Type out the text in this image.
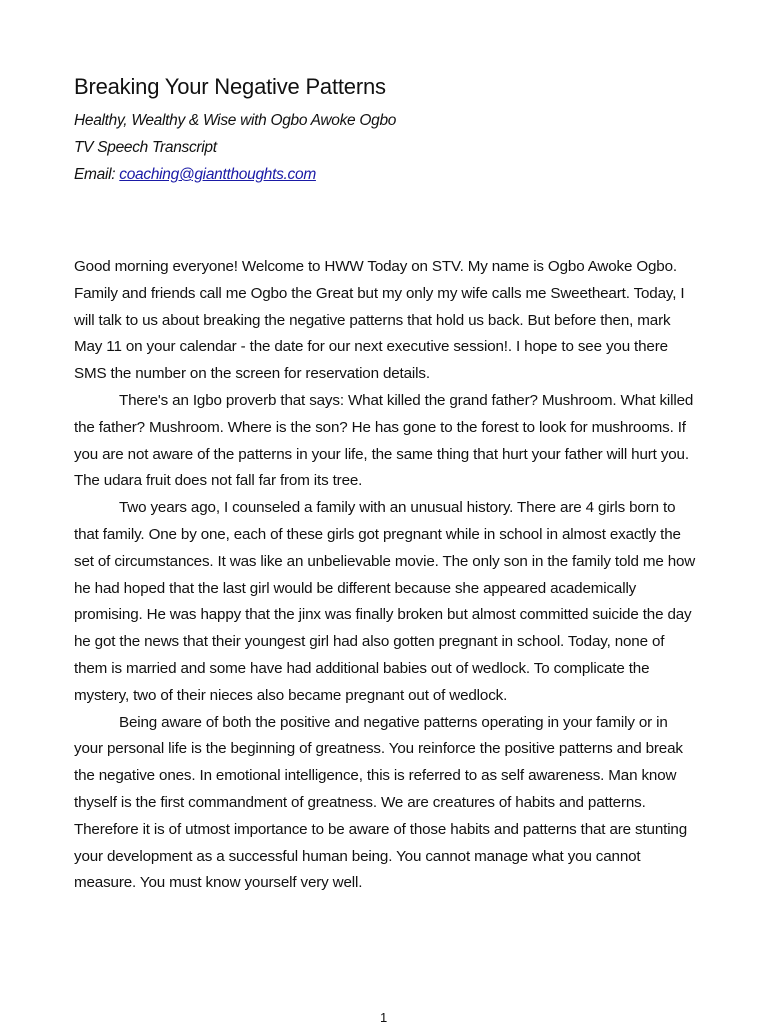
Breaking Your Negative Patterns
Healthy, Wealthy & Wise with Ogbo Awoke Ogbo
TV Speech Transcript
Email: coaching@giantthoughts.com

Good morning everyone! Welcome to HWW Today on STV. My name is Ogbo Awoke Ogbo. Family and friends call me Ogbo the Great but my only my wife calls me Sweetheart. Today, I will talk to us about breaking the negative patterns that hold us back. But before then, mark May 11 on your calendar - the date for our next executive session!. I hope to see you there SMS the number on the screen for reservation details.

There's an Igbo proverb that says: What killed the grand father? Mushroom. What killed the father? Mushroom. Where is the son? He has gone to the forest to look for mushrooms. If you are not aware of the patterns in your life, the same thing that hurt your father will hurt you. The udara fruit does not fall far from its tree.

Two years ago, I counseled a family with an unusual history. There are 4 girls born to that family. One by one, each of these girls got pregnant while in school in almost exactly the set of circumstances. It was like an unbelievable movie. The only son in the family told me how he had hoped that the last girl would be different because she appeared academically promising. He was happy that the jinx was finally broken but almost committed suicide the day he got the news that their youngest girl had also gotten pregnant in school. Today, none of them is married and some have had additional babies out of wedlock. To complicate the mystery, two of their nieces also became pregnant out of wedlock.

Being aware of both the positive and negative patterns operating in your family or in your personal life is the beginning of greatness. You reinforce the positive patterns and break the negative ones. In emotional intelligence, this is referred to as self awareness. Man know thyself is the first commandment of greatness. We are creatures of habits and patterns. Therefore it is of utmost importance to be aware of those habits and patterns that are stunting your development as a successful human being. You cannot manage what you cannot measure. You must know yourself very well.

1
